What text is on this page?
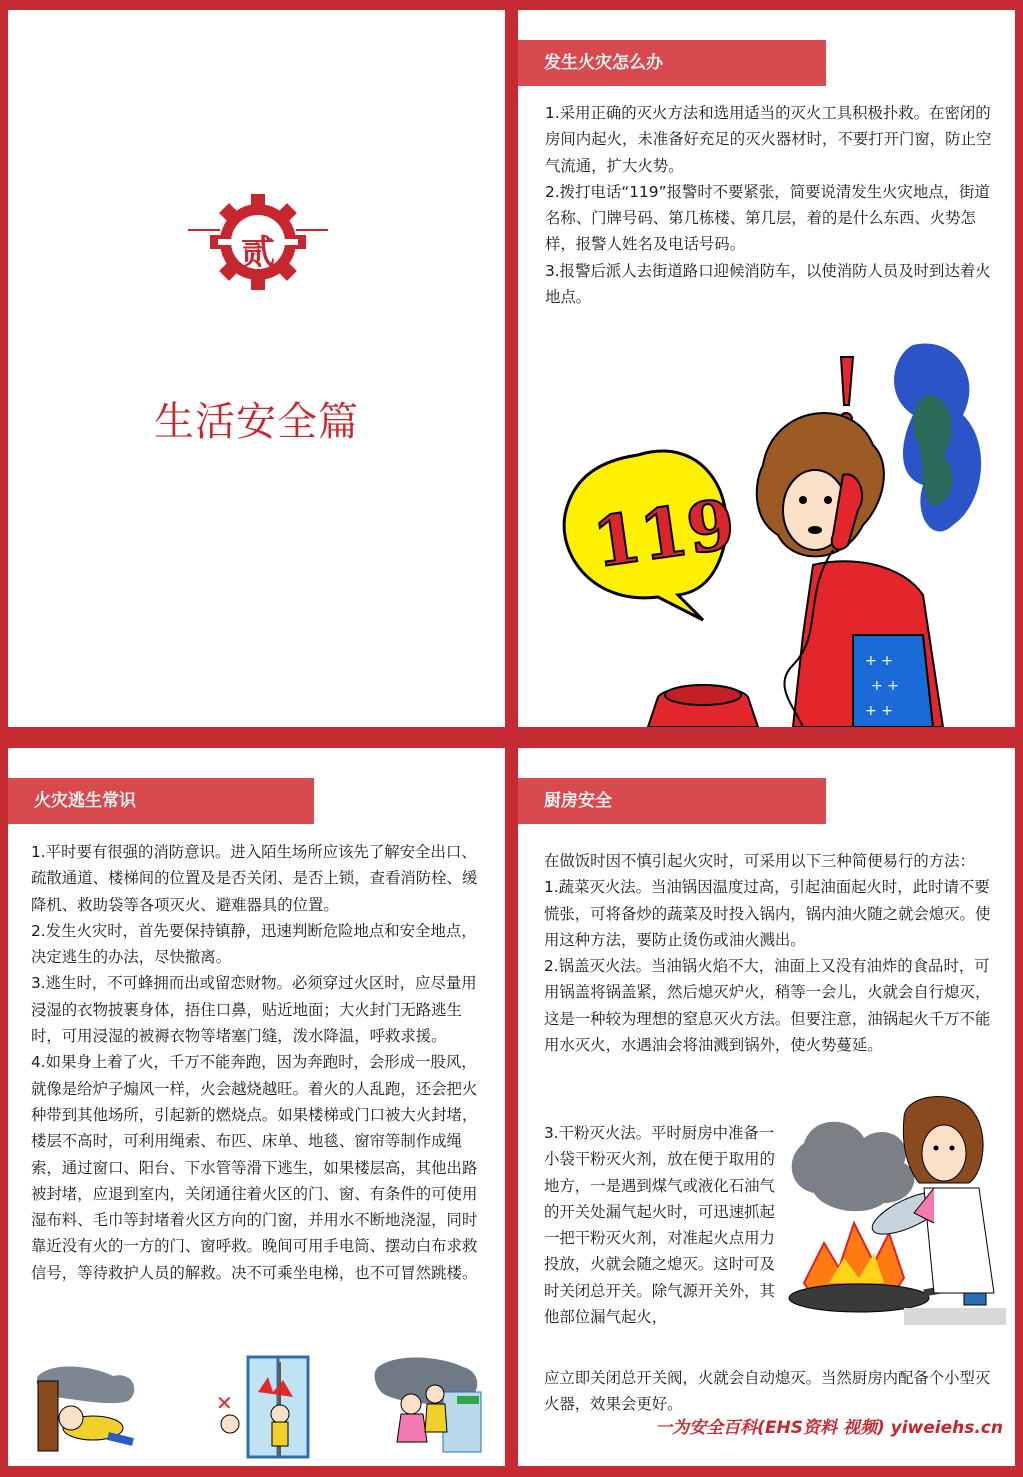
贰
生活安全篇
发生火灾怎么办

1.采用正确的灭火方法和选用适当的灭火工具积极扑救。在密闭的房间内起火，未准备好充足的灭火器材时，不要打开门窗，防止空气流通，扩大火势。

2.拨打电话“119”报警时不要紧张，简要说清发生火灾地点，街道名称、门牌号码、第几栋楼、第几层，着的是什么东西、火势怎样，报警人姓名及电话号码。

3.报警后派人去街道路口迎候消防车，以使消防人员及时到达着火地点。

119
+ +
+ +
+ +
火灾逃生常识

1.平时要有很强的消防意识。进入陌生场所应该先了解安全出口、疏散通道、楼梯间的位置及是否关闭、是否上锁，查看消防栓、缓降机、救助袋等各项灭火、避难器具的位置。

2.发生火灾时，首先要保持镇静，迅速判断危险地点和安全地点，决定逃生的办法，尽快撤离。

3.逃生时，不可蜂拥而出或留恋财物。必须穿过火区时，应尽量用浸湿的衣物披裹身体，捂住口鼻，贴近地面；大火封门无路逃生时，可用浸湿的被褥衣物等堵塞门缝，泼水降温，呼救求援。

4.如果身上着了火，千万不能奔跑，因为奔跑时，会形成一股风，就像是给炉子煽风一样，火会越烧越旺。着火的人乱跑，还会把火种带到其他场所，引起新的燃烧点。如果楼梯或门口被大火封堵，楼层不高时，可利用绳索、布匹、床单、地毯、窗帘等制作成绳索，通过窗口、阳台、下水管等滑下逃生，如果楼层高，其他出路被封堵，应退到室内，关闭通往着火区的门、窗、有条件的可使用湿布料、毛巾等封堵着火区方向的门窗，并用水不断地浇湿，同时靠近没有火的一方的门、窗呼救。晚间可用手电筒、摆动白布求救信号，等待救护人员的解救。决不可乘坐电梯，也不可冒然跳楼。

✕
厨房安全

在做饭时因不慎引起火灾时，可采用以下三种简便易行的方法：

1.蔬菜灭火法。当油锅因温度过高，引起油面起火时，此时请不要慌张，可将备炒的蔬菜及时投入锅内，锅内油火随之就会熄灭。使用这种方法，要防止烫伤或油火溅出。

2.锅盖灭火法。当油锅火焰不大，油面上又没有油炸的食品时，可用锅盖将锅盖紧，然后熄灭炉火，稍等一会儿，火就会自行熄灭，这是一种较为理想的窒息灭火方法。但要注意，油锅起火千万不能用水灭火，水遇油会将油溅到锅外，使火势蔓延。

3.干粉灭火法。平时厨房中准备一小袋干粉灭火剂，放在便于取用的地方，一是遇到煤气或液化石油气的开关处漏气起火时，可迅速抓起一把干粉灭火剂，对准起火点用力投放，火就会随之熄灭。这时可及时关闭总开关。除气源开关外，其他部位漏气起火，

应立即关闭总开关阀，火就会自动熄灭。当然厨房内配备个小型灭火器，效果会更好。

一为安全百科(EHS资料 视频) yiweiehs.cn
